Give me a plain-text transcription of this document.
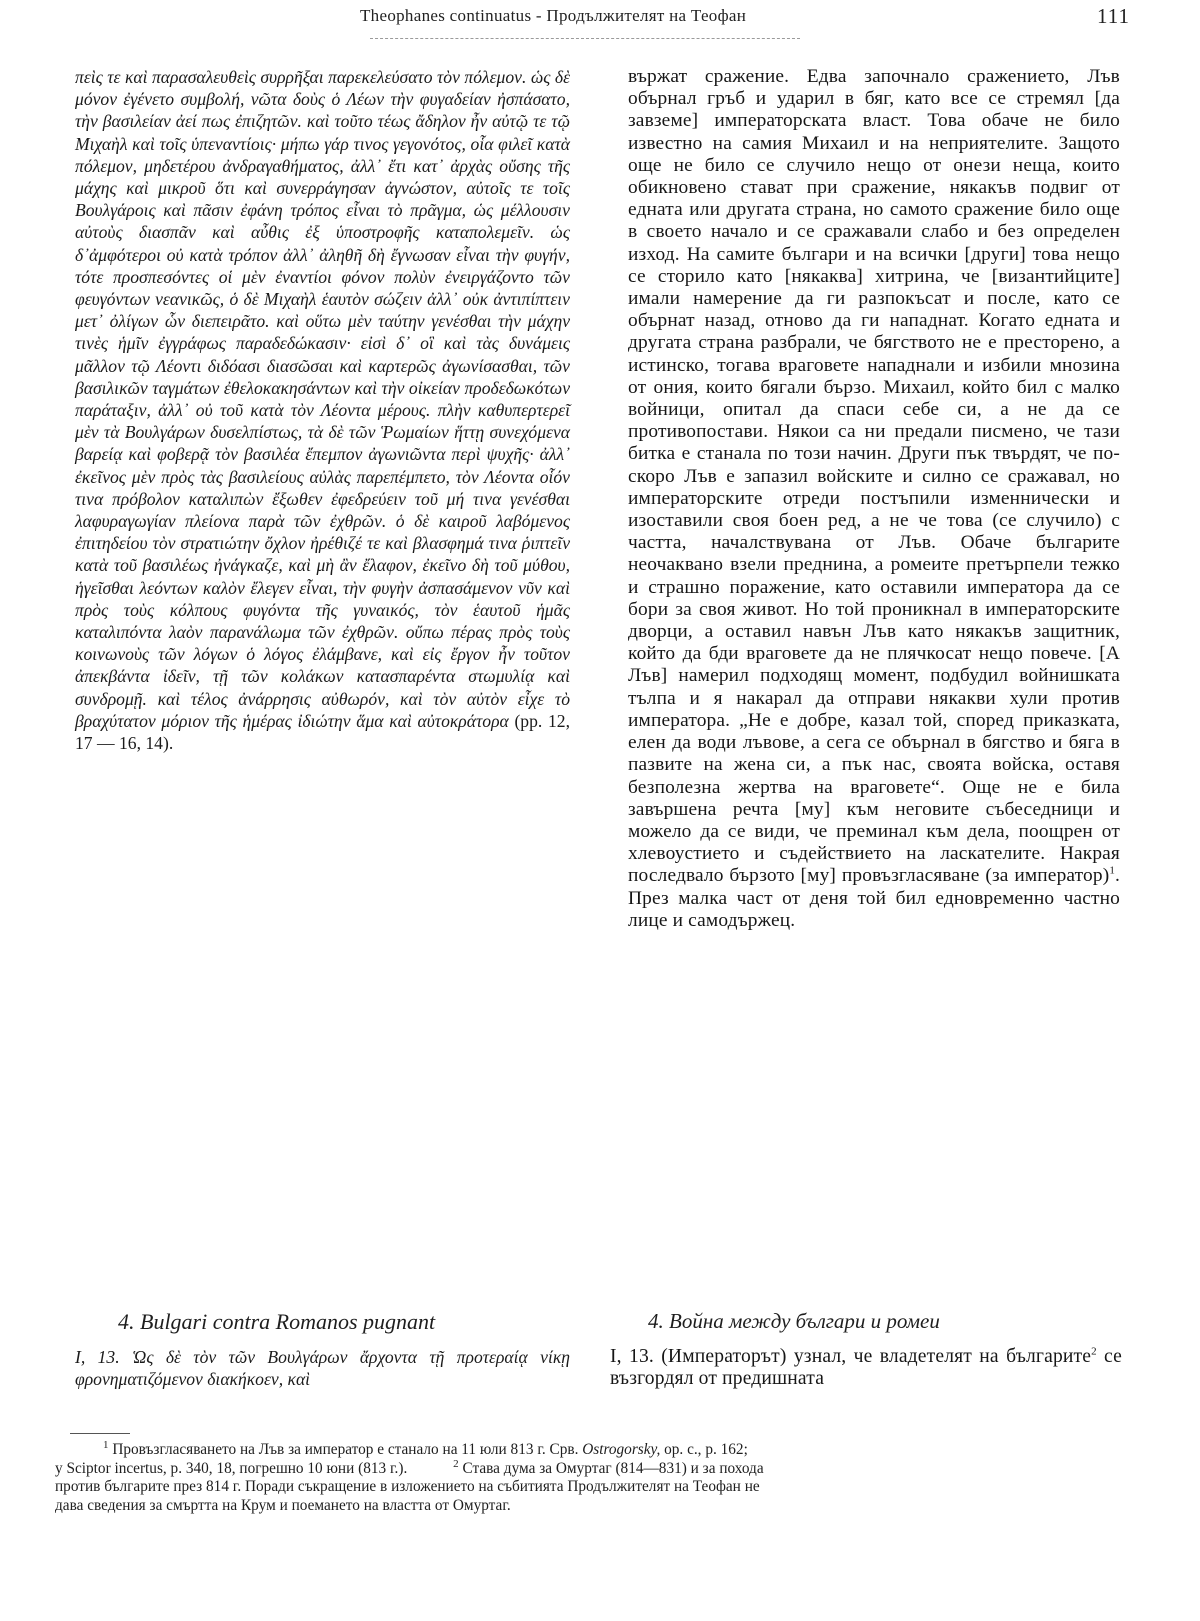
Theophanes continuatus - Продължителят на Теофан	111
πεὶς τε καὶ παρασαλευθεὶς συρρῆξαι παρεκελεύσατο τὸν πόλεμον. ὡς δὲ μόνον ἐγένετο συμβολή, νῶτα δοὺς ὁ Λέων τὴν φυγαδείαν ἠσπάσατο, τὴν βασιλείαν ἀεί πως ἐπιζητῶν. καὶ τοῦτο τέως ἄδηλον ἦν αὐτῷ τε τῷ Μιχαὴλ καὶ τοῖς ὑπεναντίοις· μήπω γάρ τινος γεγονότος, οἷα φιλεῖ κατὰ πόλεμον, μηδετέρου ἀνδραγαθήματος, ἀλλ᾽ ἔτι κατ᾽ ἀρχὰς οὔσης τῆς μάχης καὶ μικροῦ ὅτι καὶ συνερράγησαν ἀγνώστον, αὐτοῖς τε τοῖς Βουλγάροις καὶ πᾶσιν ἐφάνη τρόπος εἶναι τὸ πρᾶγμα, ὡς μέλλουσιν αὐτοὺς διασπᾶν καὶ αὖθις ἐξ ὑποστροφῆς καταπολεμεῖν. ὡς δ᾽ἀμφότεροι οὐ κατὰ τρόπον ἀλλ᾽ ἀληθῆ δὴ ἔγνωσαν εἶναι τὴν φυγήν, τότε προσπεσόντες οἱ μὲν ἐναντίοι φόνον πολὺν ἐνειργάζοντο τῶν φευγόντων νεανικῶς, ὁ δὲ Μιχαὴλ ἑαυτὸν σώζειν ἀλλ᾽ οὐκ ἀντιπίπτειν μετ᾽ ὀλίγων ὧν διεπειρᾶτο. καὶ οὕτω μὲν ταύτην γενέσθαι τὴν μάχην τινὲς ἡμῖν ἐγγράφως παραδεδώκασιν· εἰσὶ δ᾽ οἳ καὶ τὰς δυνάμεις μᾶλλον τῷ Λέοντι διδόασι διασῶσαι καὶ καρτερῶς ἀγωνίσασθαι, τῶν βασιλικῶν ταγμάτων ἐθελοκακησάντων καὶ τὴν οἰκείαν προδεδωκότων παράταξιν, ἀλλ᾽ οὐ τοῦ κατὰ τὸν Λέοντα μέρους. πλὴν καθυπερτερεῖ μὲν τὰ Βουλγάρων δυσελπίστως, τὰ δὲ τῶν Ῥωμαίων ἥττῃ συνεχόμενα βαρείᾳ καὶ φοβερᾷ τὸν βασιλέα ἔπεμπον ἀγωνιῶντα περὶ ψυχῆς· ἀλλ᾽ ἐκεῖνος μὲν πρὸς τὰς βασιλείους αὐλὰς παρεπέμπετο, τὸν Λέοντα οἷόν τινα πρόβολον καταλιπὼν ἔξωθεν ἐφεδρεύειν τοῦ μή τινα γενέσθαι λαφυραγωγίαν πλείονα παρὰ τῶν ἐχθρῶν. ὁ δὲ καιροῦ λαβόμενος ἐπιτηδείου τὸν στρατιώτην ὄχλον ἠρέθιζέ τε καὶ βλασφημά τινα ῥιπτεῖν κατὰ τοῦ βασιλέως ἠνάγκαζε, καὶ μὴ ἂν ἔλαφον, ἐκεῖνο δὴ τοῦ μύθου, ἡγεῖσθαι λεόντων καλὸν ἔλεγεν εἶναι, τὴν φυγὴν ἀσπασάμενον νῦν καὶ πρὸς τοὺς κόλπους φυγόντα τῆς γυναικός, τὸν ἑαυτοῦ ἡμᾶς καταλιπόντα λαὸν παρανάλωμα τῶν ἐχθρῶν. οὔπω πέρας πρὸς τοὺς κοινωνοὺς τῶν λόγων ὁ λόγος ἐλάμβανε, καὶ εἰς ἔργον ἦν τοῦτον ἀπεκβάντα ἰδεῖν, τῇ τῶν κολάκων κατασπαρέντα στωμυλίᾳ καὶ συνδρομῇ. καὶ τέλος ἀνάρρησις αὐθωρόν, καὶ τὸν αὐτὸν εἶχε τὸ βραχύτατον μόριον τῆς ἡμέρας ἰδιώτην ἅμα καὶ αὐτοκράτορα (pp. 12, 17 — 16, 14).
вържат сражение. Едва започнало сражението, Лъв обърнал гръб и ударил в бяг, като все се стремял [да завземе] императорската власт. Това обаче не било известно на самия Михаил и на неприятелите. Защото още не било се случило нещо от онези неща, които обикновено стават при сражение, някакъв подвиг от едната или другата страна, но самото сражение било още в своето начало и се сражавали слабо и без определен изход. На самите българи и на всички [други] това нещо се сторило като [някаква] хитрина, че [византийците] имали намерение да ги разпокъсат и после, като се обърнат назад, отново да ги нападнат. Когато едната и другата страна разбрали, че бягството не е престорено, а истинско, тогава враговете нападнали и избили мнозина от ония, които бягали бързо. Михаил, който бил с малко войници, опитал да спаси себе си, а не да се противопостави. Някои са ни предали писмено, че тази битка е станала по този начин. Други пък твърдят, че по-скоро Лъв е запазил войските и силно се сражавал, но императорските отреди постъпили изменнически и изоставили своя боен ред, а не че това (се случило) с частта, началствувана от Лъв. Обаче българите неочаквано взели преднина, а ромеите претърпели тежко и страшно поражение, като оставили императора да се бори за своя живот. Но той проникнал в императорските дворци, а оставил навън Лъв като някакъв защитник, който да бди враговете да не плячкосат нещо повече. [А Лъв] намерил подходящ момент, подбудил войнишката тълпа и я накарал да отправи някакви хули против императора. „Не е добре, казал той, според приказката, елен да води лъвове, а сега се обърнал в бягство и бяга в пазвите на жена си, а пък нас, своята войска, оставя безполезна жертва на враговете“. Още не е била завършена речта [му] към неговите събеседници и можело да се види, че преминал към дела, поощрен от хлевоустието и съдействието на ласкателите. Накрая последвало бързото [му] провъзгласяване (за император)$^1$. През малка част от деня той бил едновременно частно лице и самодържец.
4. Bulgari contra Romanos pugnant	4. Война между българи и ромеи
I, 13. Ὡς δὲ τὸν τῶν Βουλγάρων ἄρχοντα τῇ προτεραίᾳ νίκῃ φρονηματιζόμενον διακήκοεν, καὶ
I, 13. (Императорът) узнал, че владетелят на българите$^2$ се възгордял от предишната
$^1$ Провъзгласяването на Лъв за император е станало на 11 юли 813 г. Срв. Ostrogorsky, op. c., p. 162;
у Sciptor incertus, p. 340, 18, погрешно 10 юни (813 г.).	$^2$ Става дума за Омуртаг (814—831) и за похода
против българите през 814 г. Поради съкращение в изложението на събитията Продължителят на Теофан не
дава сведения за смъртта на Крум и поемането на властта от Омуртаг.
